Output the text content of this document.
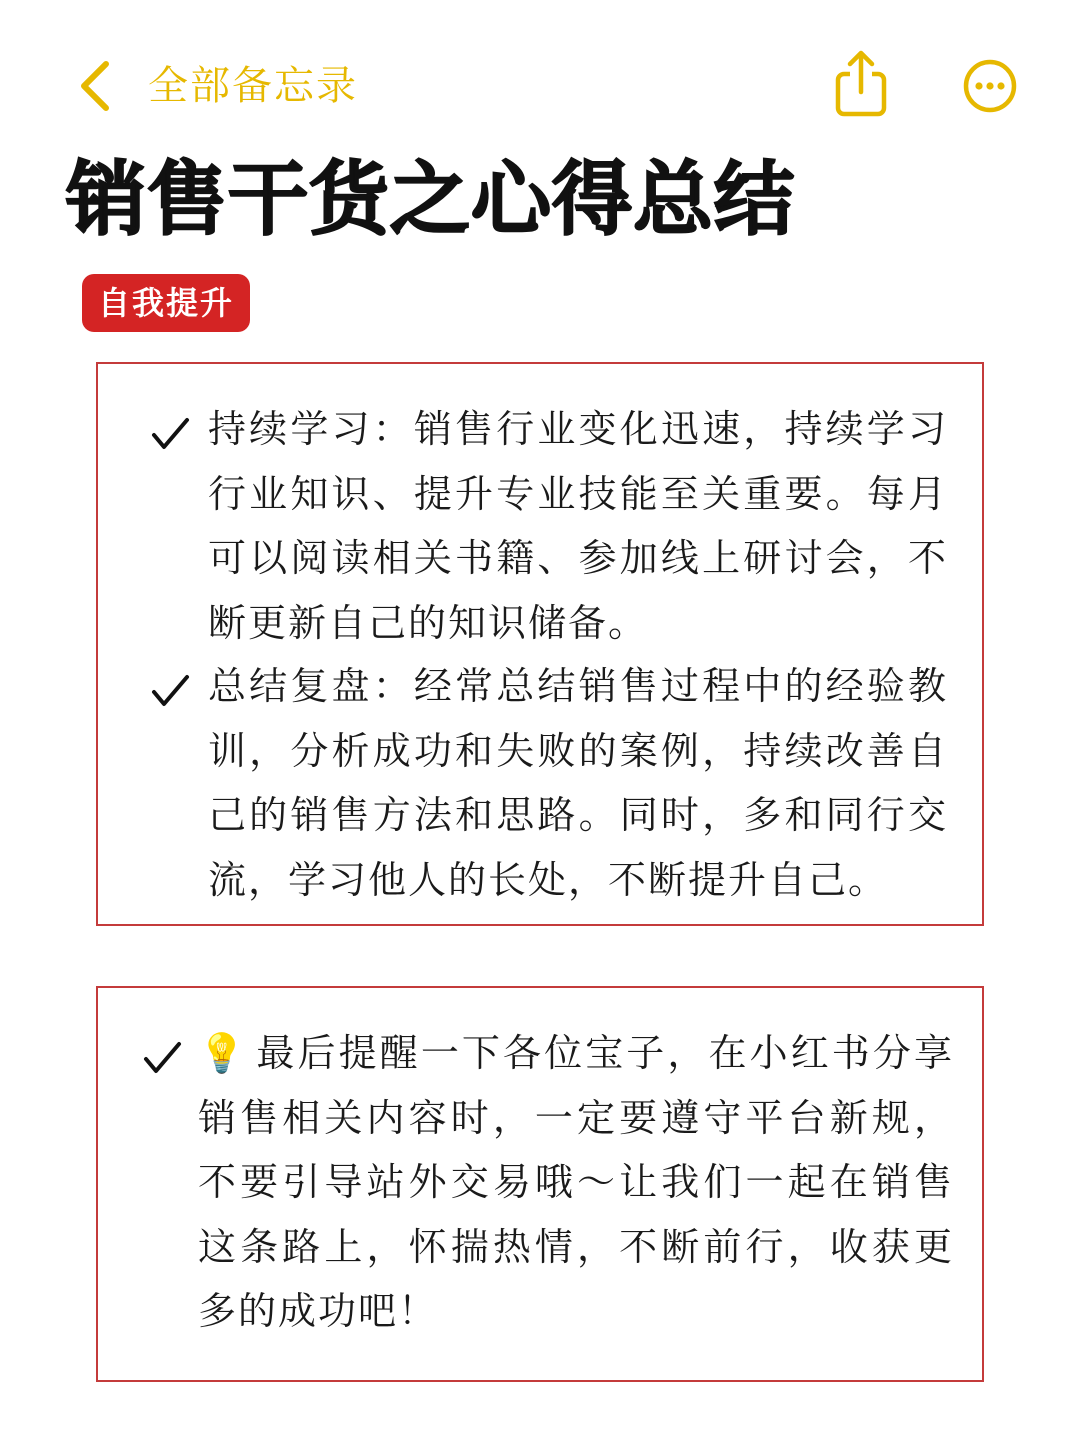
全部备忘录
销售干货之心得总结
自我提升
持续学习：销售行业变化迅速，持续学习行业知识、提升专业技能至关重要。每月可以阅读相关书籍、参加线上研讨会，不断更新自己的知识储备。
总结复盘：经常总结销售过程中的经验教训，分析成功和失败的案例，持续改善自己的销售方法和思路。同时，多和同行交流，学习他人的长处，不断提升自己。
💡 最后提醒一下各位宝子，在小红书分享销售相关内容时，一定要遵守平台新规，不要引导站外交易哦～让我们一起在销售这条路上，怀揣热情，不断前行，收获更多的成功吧！
